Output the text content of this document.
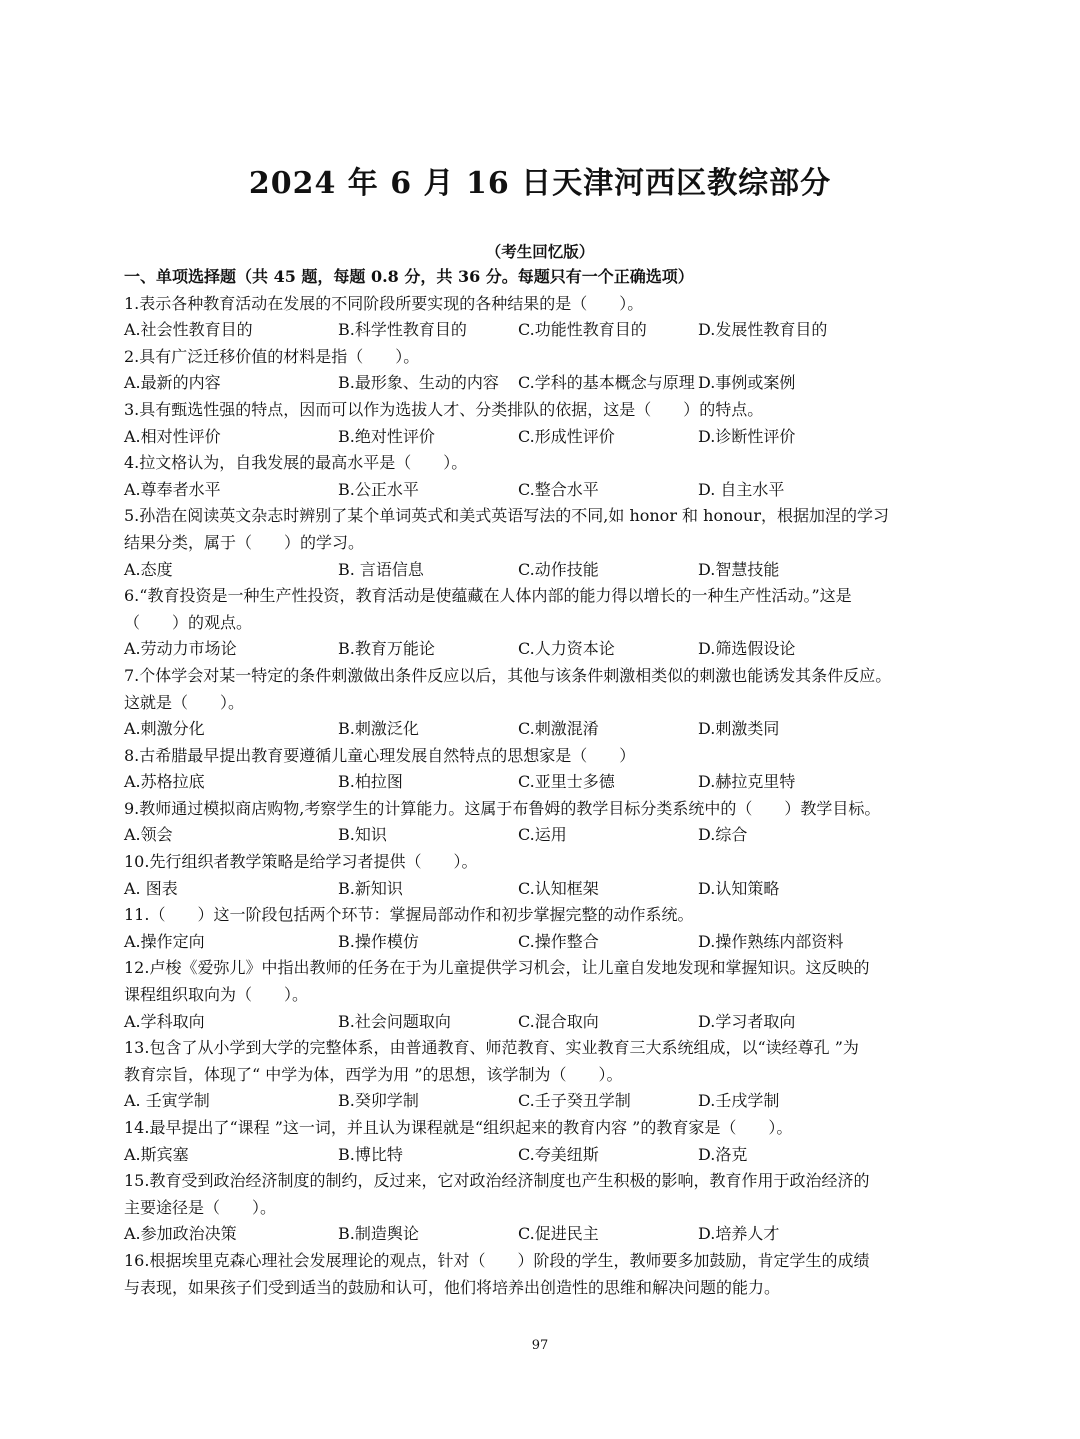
2024 年 6 月 16 日天津河西区教综部分
（考生回忆版）
一、单项选择题（共 45 题，每题 0.8 分，共 36 分。每题只有一个正确选项）
1.表示各种教育活动在发展的不同阶段所要实现的各种结果的是（　　）。
A.社会性教育目的	B.科学性教育目的	C.功能性教育目的	D.发展性教育目的
2.具有广泛迁移价值的材料是指（　　）。
A.最新的内容	B.最形象、生动的内容 C.学科的基本概念与原理 D.事例或案例
3.具有甄选性强的特点，因而可以作为选拔人才、分类排队的依据，这是（　　）的特点。
A.相对性评价	B.绝对性评价	C.形成性评价	D.诊断性评价
4.拉文格认为，自我发展的最高水平是（　　）。
A.尊奉者水平	B.公正水平	C.整合水平	D. 自主水平
5.孙浩在阅读英文杂志时辨别了某个单词英式和美式英语写法的不同,如 honor 和 honour，根据加涅的学习
结果分类，属于（　　）的学习。
A.态度	B. 言语信息	C.动作技能	D.智慧技能
6.“教育投资是一种生产性投资，教育活动是使蕴藏在人体内部的能力得以增长的一种生产性活动。”这是
（　　）的观点。
A.劳动力市场论	B.教育万能论	C.人力资本论	D.筛选假设论
7.个体学会对某一特定的条件刺激做出条件反应以后，其他与该条件刺激相类似的刺激也能诱发其条件反应。
这就是（　　）。
A.刺激分化	B.刺激泛化	C.刺激混淆	D.刺激类同
8.古希腊最早提出教育要遵循儿童心理发展自然特点的思想家是（　　）
A.苏格拉底	B.柏拉图	C.亚里士多德	D.赫拉克里特
9.教师通过模拟商店购物,考察学生的计算能力。这属于布鲁姆的教学目标分类系统中的（　　）教学目标。
A.领会	B.知识	C.运用	D.综合
10.先行组织者教学策略是给学习者提供（　　）。
A. 图表	B.新知识	C.认知框架	D.认知策略
11.（　　）这一阶段包括两个环节：掌握局部动作和初步掌握完整的动作系统。
A.操作定向	B.操作模仿	C.操作整合	D.操作熟练内部资料
12.卢梭《爱弥儿》中指出教师的任务在于为儿童提供学习机会，让儿童自发地发现和掌握知识。这反映的
课程组织取向为（　　）。
A.学科取向	B.社会问题取向	C.混合取向	D.学习者取向
13.包含了从小学到大学的完整体系，由普通教育、师范教育、实业教育三大系统组成，以“读经尊孔 ”为
教育宗旨，体现了“ 中学为体，西学为用 ”的思想，该学制为（　　）。
A. 壬寅学制	B.癸卯学制	C.壬子癸丑学制	D.壬戌学制
14.最早提出了“课程 ”这一词，并且认为课程就是“组织起来的教育内容 ”的教育家是（　　）。
A.斯宾塞	B.博比特	C.夸美纽斯	D.洛克
15.教育受到政治经济制度的制约，反过来，它对政治经济制度也产生积极的影响，教育作用于政治经济的
主要途径是（　　）。
A.参加政治决策	B.制造舆论	C.促进民主	D.培养人才
16.根据埃里克森心理社会发展理论的观点，针对（　　）阶段的学生，教师要多加鼓励，肯定学生的成绩
与表现，如果孩子们受到适当的鼓励和认可，他们将培养出创造性的思维和解决问题的能力。
97
